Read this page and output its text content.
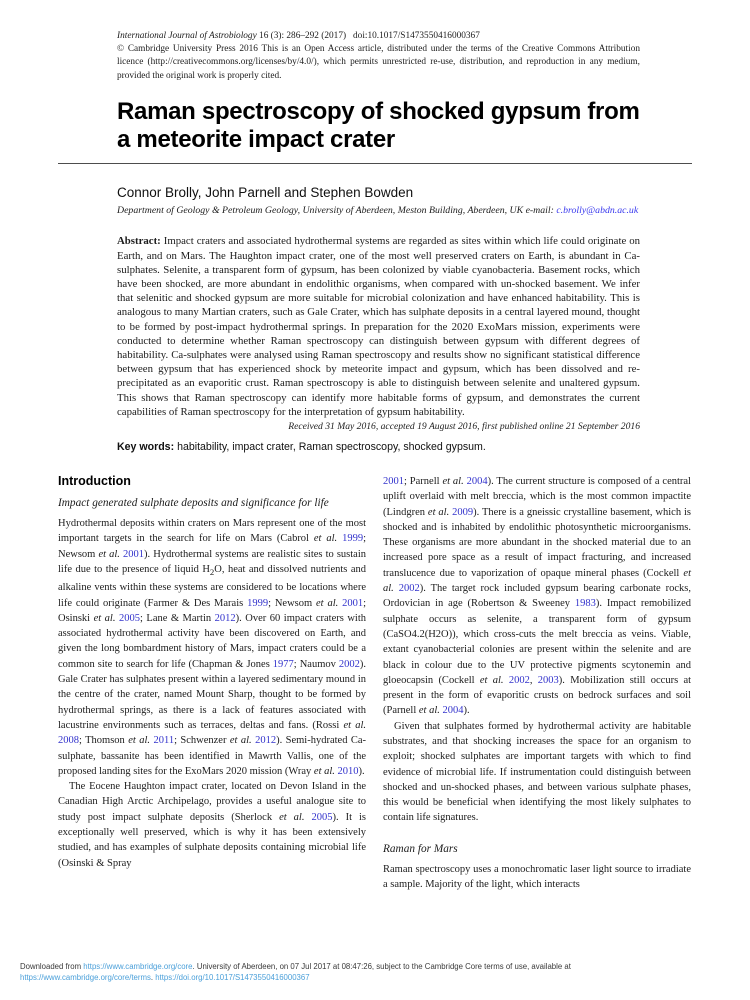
International Journal of Astrobiology 16 (3): 286–292 (2017)   doi:10.1017/S1473550416000367

© Cambridge University Press 2016 This is an Open Access article, distributed under the terms of the Creative Commons Attribution licence (http://creativecommons.org/licenses/by/4.0/), which permits unrestricted re-use, distribution, and reproduction in any medium, provided the original work is properly cited.

Raman spectroscopy of shocked gypsum from a meteorite impact crater

Connor Brolly, John Parnell and Stephen Bowden

Department of Geology & Petroleum Geology, University of Aberdeen, Meston Building, Aberdeen, UK e-mail: c.brolly@abdn.ac.uk

Abstract: Impact craters and associated hydrothermal systems are regarded as sites within which life could originate on Earth, and on Mars. The Haughton impact crater, one of the most well preserved craters on Earth, is abundant in Ca-sulphates. Selenite, a transparent form of gypsum, has been colonized by viable cyanobacteria. Basement rocks, which have been shocked, are more abundant in endolithic organisms, when compared with un-shocked basement. We infer that selenitic and shocked gypsum are more suitable for microbial colonization and have enhanced habitability. This is analogous to many Martian craters, such as Gale Crater, which has sulphate deposits in a central layered mound, thought to be formed by post-impact hydrothermal springs. In preparation for the 2020 ExoMars mission, experiments were conducted to determine whether Raman spectroscopy can distinguish between gypsum with different degrees of habitability. Ca-sulphates were analysed using Raman spectroscopy and results show no significant statistical difference between gypsum that has experienced shock by meteorite impact and gypsum, which has been dissolved and re-precipitated as an evaporitic crust. Raman spectroscopy is able to distinguish between selenite and unaltered gypsum. This shows that Raman spectroscopy can identify more habitable forms of gypsum, and demonstrates the current capabilities of Raman spectroscopy for the interpretation of gypsum habitability.

Received 31 May 2016, accepted 19 August 2016, first published online 21 September 2016

Key words: habitability, impact crater, Raman spectroscopy, shocked gypsum.

Introduction
Impact generated sulphate deposits and significance for life

Hydrothermal deposits within craters on Mars represent one of the most important targets in the search for life on Mars (Cabrol et al. 1999; Newsom et al. 2001). Hydrothermal systems are realistic sites to sustain life due to the presence of liquid $H_2O$, heat and dissolved nutrients and alkaline vents within these systems are considered to be locations where life could originate (Farmer & Des Marais 1999; Newsom et al. 2001; Osinski et al. 2005; Lane & Martin 2012). Over 60 impact craters with associated hydrothermal activity have been discovered on Earth, and given the long bombardment history of Mars, impact craters could be a common site to search for life (Chapman & Jones 1977; Naumov 2002). Gale Crater has sulphates present within a layered sedimentary mound in the centre of the crater, named Mount Sharp, thought to be formed by hydrothermal springs, as there is a lack of features associated with lacustrine environments such as terraces, deltas and fans. (Rossi et al. 2008; Thomson et al. 2011; Schwenzer et al. 2012). Semi-hydrated Ca-sulphate, bassanite has been identified in Mawrth Vallis, one of the proposed landing sites for the ExoMars 2020 mission (Wray et al. 2010).

The Eocene Haughton impact crater, located on Devon Island in the Canadian High Arctic Archipelago, provides a useful analogue site to study post impact sulphate deposits (Sherlock et al. 2005). It is exceptionally well preserved, which is why it has been extensively studied, and has examples of sulphate deposits containing microbial life (Osinski & Spray

2001; Parnell et al. 2004). The current structure is composed of a central uplift overlaid with melt breccia, which is the most common impactite (Lindgren et al. 2009). There is a gneissic crystalline basement, which is shocked and is inhabited by endolithic photosynthetic microorganisms. These organisms are more abundant in the shocked material due to an increased pore space as a result of impact fracturing, and increased translucence due to vaporization of opaque mineral phases (Cockell et al. 2002). The target rock included gypsum bearing carbonate rocks, Ordovician in age (Robertson & Sweeney 1983). Impact remobilized sulphate occurs as selenite, a transparent form of gypsum (CaSO4.2(H2O)), which cross-cuts the melt breccia as veins. Viable, extant cyanobacterial colonies are present within the selenite and are black in colour due to the UV protective pigments scytonemin and gloeocapsin (Cockell et al. 2002, 2003). Mobilization still occurs at present in the form of evaporitic crusts on bedrock surfaces and soil (Parnell et al. 2004).

Given that sulphates formed by hydrothermal activity are habitable substrates, and that shocking increases the space for an organism to exploit; shocked sulphates are important targets with which to find evidence of microbial life. If instrumentation could distinguish between shocked and un-shocked phases, and between various sulphate phases, this would be beneficial when identifying the most likely sulphates to contain life signatures.

Raman for Mars

Raman spectroscopy uses a monochromatic laser light source to irradiate a sample. Majority of the light, which interacts

Downloaded from https://www.cambridge.org/core. University of Aberdeen, on 07 Jul 2017 at 08:47:26, subject to the Cambridge Core terms of use, available at https://www.cambridge.org/core/terms. https://doi.org/10.1017/S1473550416000367
